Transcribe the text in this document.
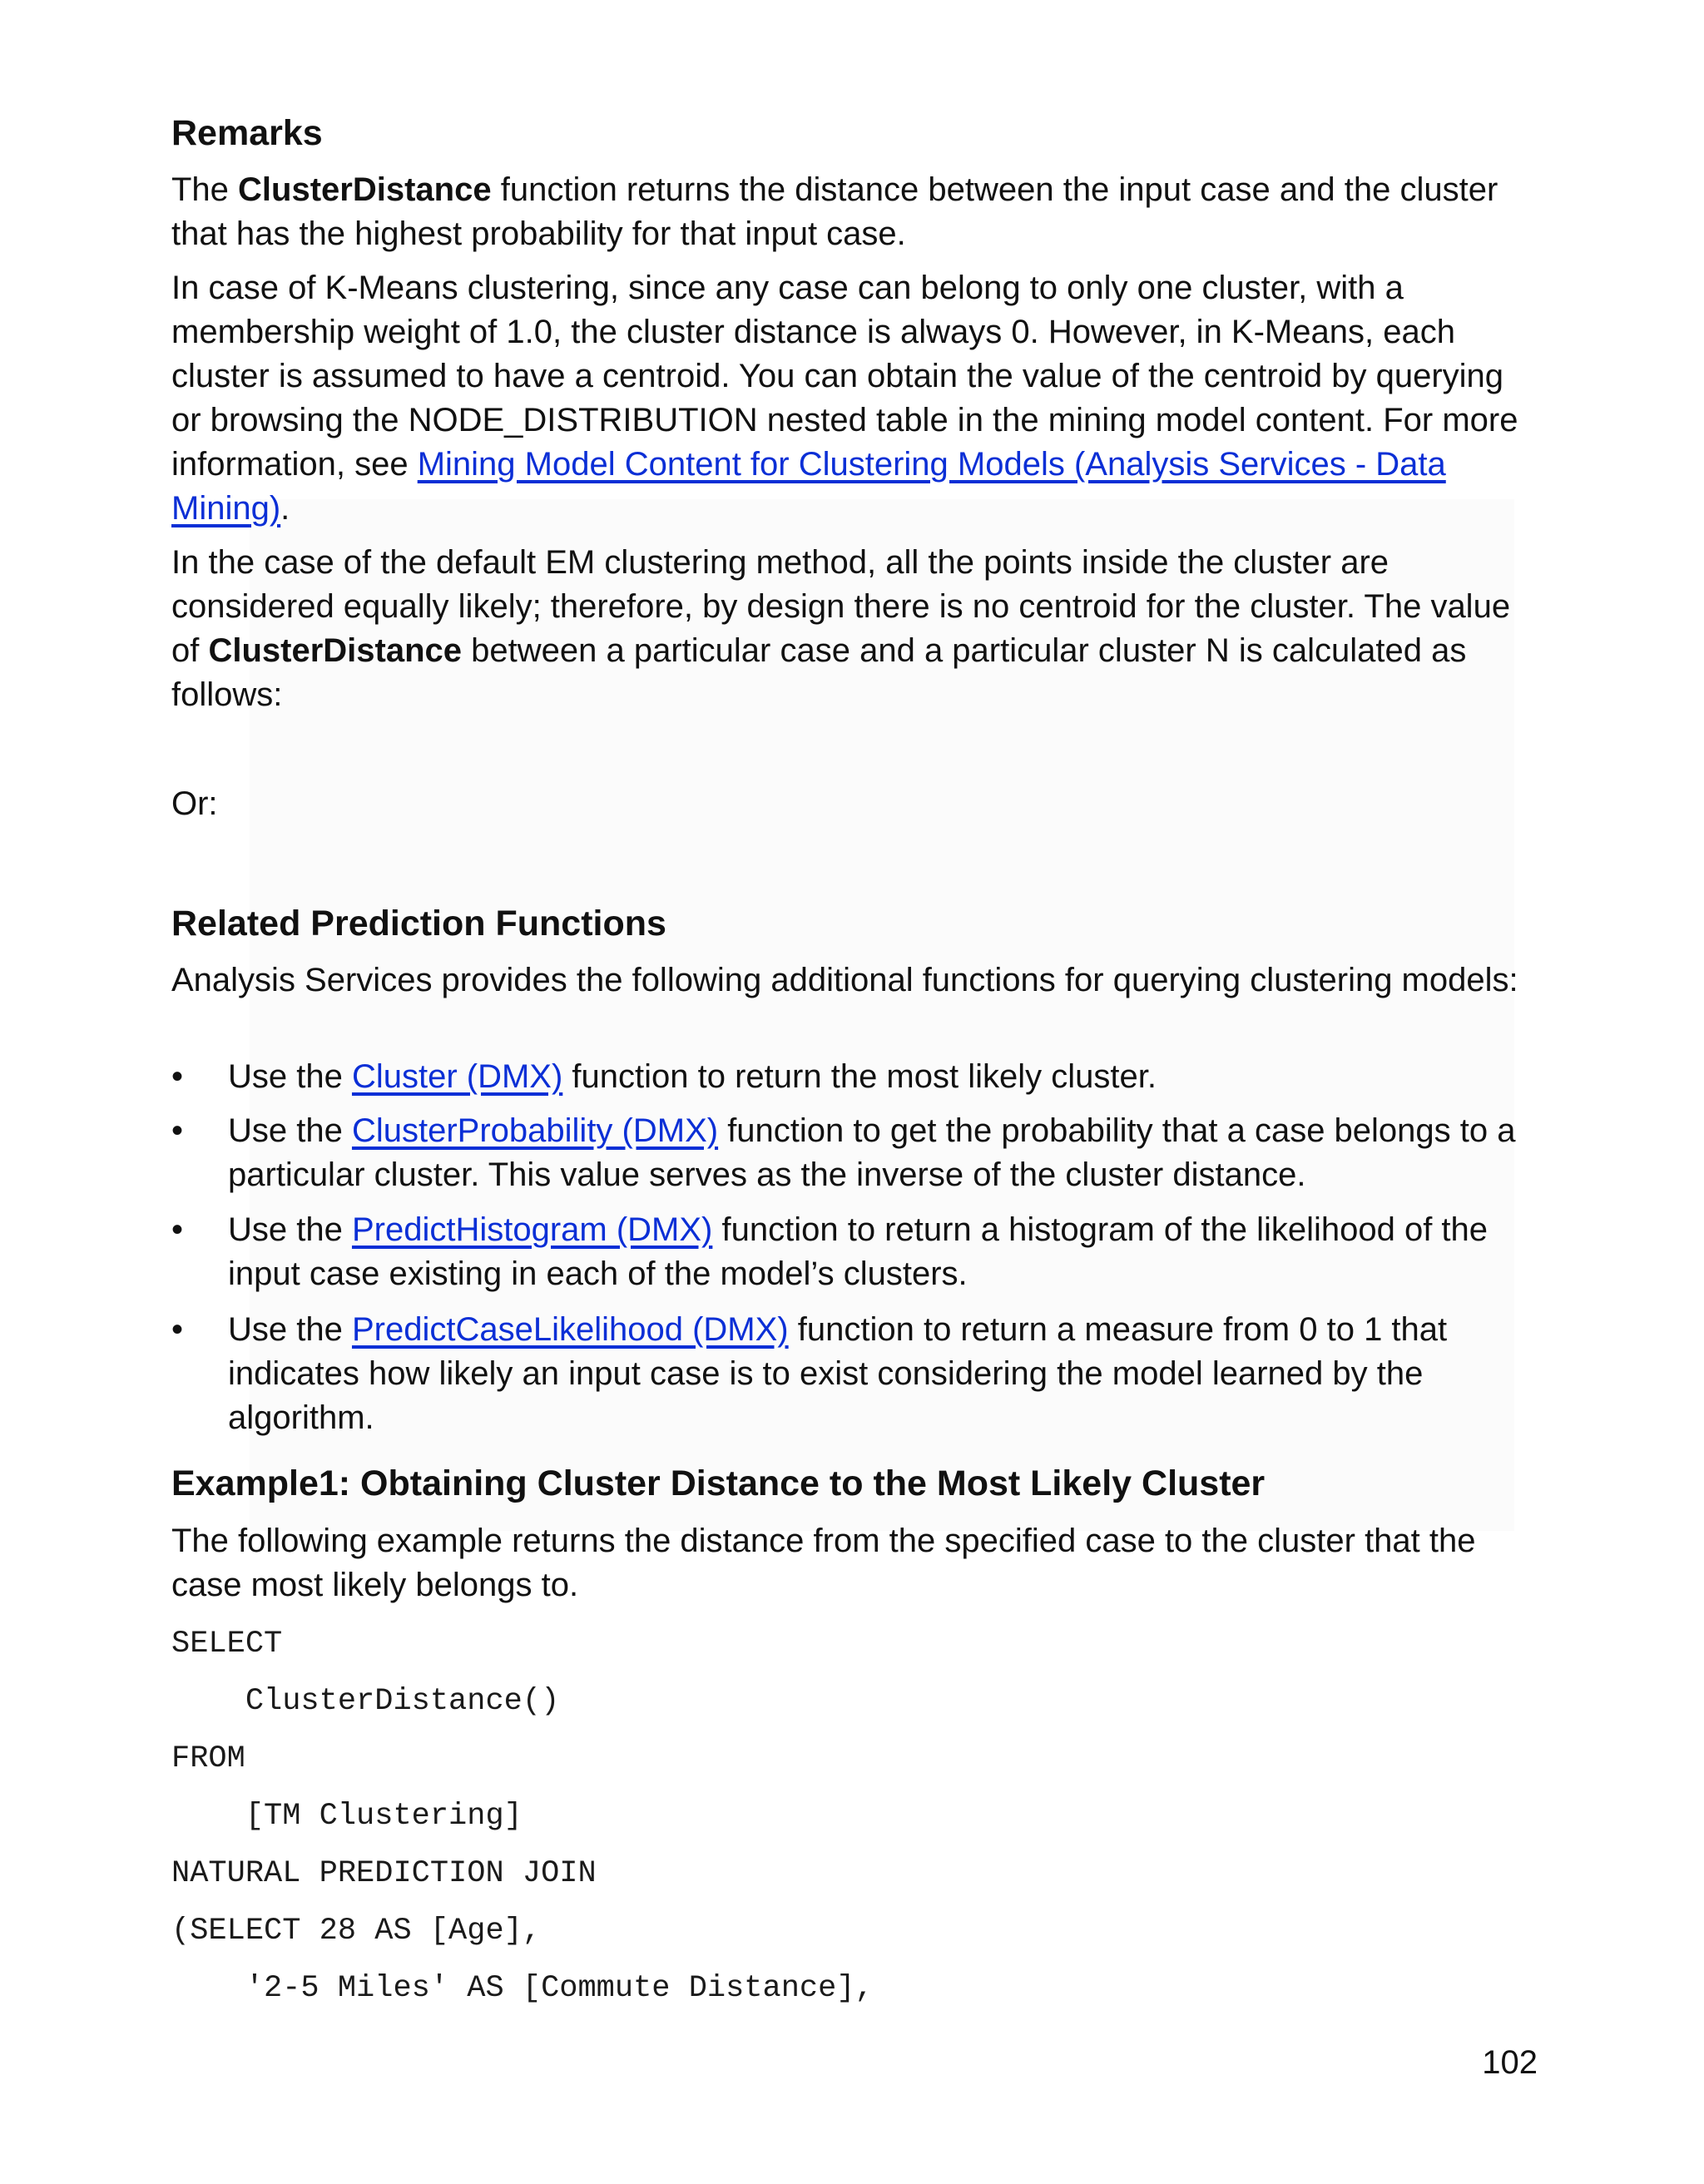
Remarks

The ClusterDistance function returns the distance between the input case and the cluster that has the highest probability for that input case.

In case of K-Means clustering, since any case can belong to only one cluster, with a membership weight of 1.0, the cluster distance is always 0. However, in K-Means, each cluster is assumed to have a centroid. You can obtain the value of the centroid by querying or browsing the NODE_DISTRIBUTION nested table in the mining model content. For more information, see Mining Model Content for Clustering Models (Analysis Services - Data Mining).

In the case of the default EM clustering method, all the points inside the cluster are considered equally likely; therefore, by design there is no centroid for the cluster. The value of ClusterDistance between a particular case and a particular cluster N is calculated as follows:

Or:

Related Prediction Functions

Analysis Services provides the following additional functions for querying clustering models:

•	Use the Cluster (DMX) function to return the most likely cluster.
•	Use the ClusterProbability (DMX) function to get the probability that a case belongs to a particular cluster. This value serves as the inverse of the cluster distance.
•	Use the PredictHistogram (DMX) function to return a histogram of the likelihood of the input case existing in each of the model’s clusters.
•	Use the PredictCaseLikelihood (DMX) function to return a measure from 0 to 1 that indicates how likely an input case is to exist considering the model learned by the algorithm.
Example1: Obtaining Cluster Distance to the Most Likely Cluster

The following example returns the distance from the specified case to the cluster that the case most likely belongs to.

SELECT
ClusterDistance()
FROM
[TM Clustering]
NATURAL PREDICTION JOIN
(SELECT 28 AS [Age],
'2-5 Miles' AS [Commute Distance],
102
